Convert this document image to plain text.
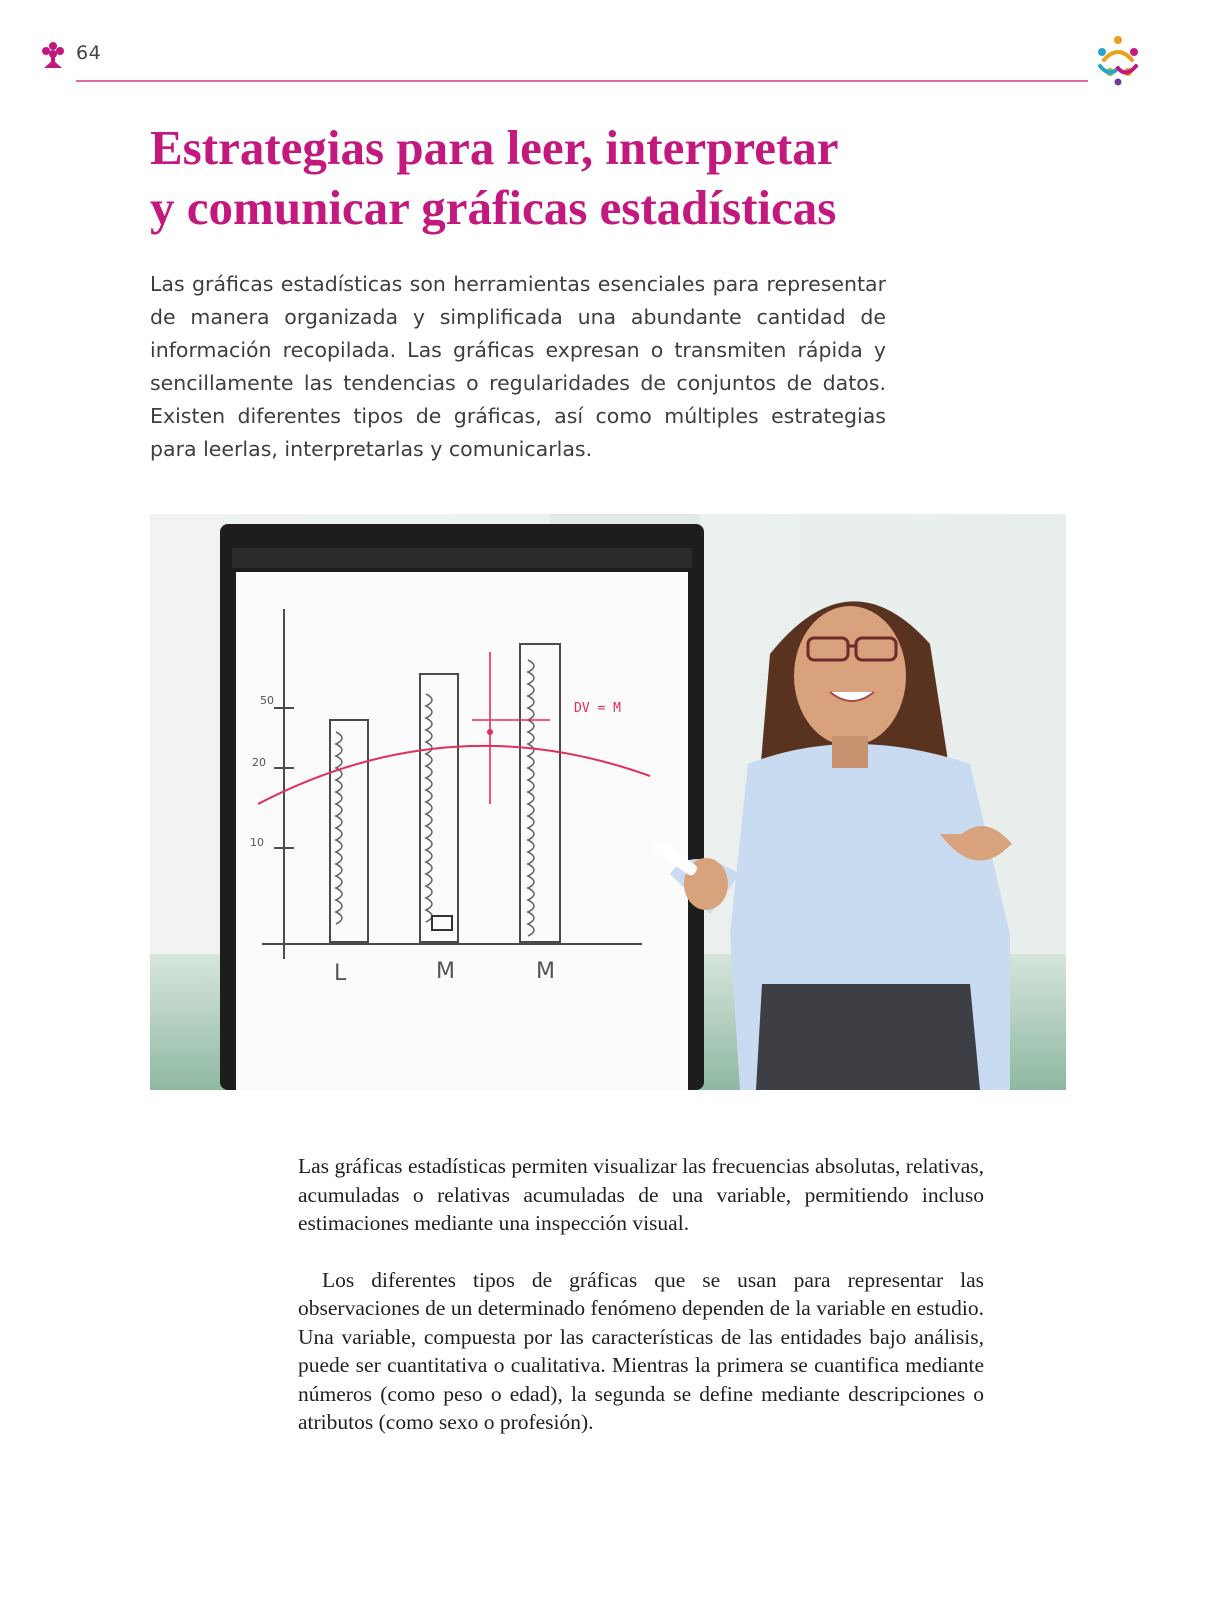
64
Estrategias para leer, interpretar
y comunicar gráficas estadísticas

Las gráficas estadísticas son herramientas esenciales para representar de manera organizada y simplificada una abundante cantidad de información recopilada. Las gráficas expresan o transmiten rápida y sencillamente las tendencias o regularidades de conjuntos de datos. Existen diferentes tipos de gráficas, así como múltiples estrategias para leerlas, interpretarlas y comunicarlas.

DV = M
50
20
10
L	M	M

Las gráficas estadísticas permiten visualizar las frecuencias absolutas, relativas, acumuladas o relativas acumuladas de una variable, permitiendo incluso estimaciones mediante una inspección visual.

Los diferentes tipos de gráficas que se usan para representar las observaciones de un determinado fenómeno dependen de la variable en estudio. Una variable, compuesta por las características de las entidades bajo análisis, puede ser cuantitativa o cualitativa. Mientras la primera se cuantifica mediante números (como peso o edad), la segunda se define mediante descripciones o atributos (como sexo o profesión).
